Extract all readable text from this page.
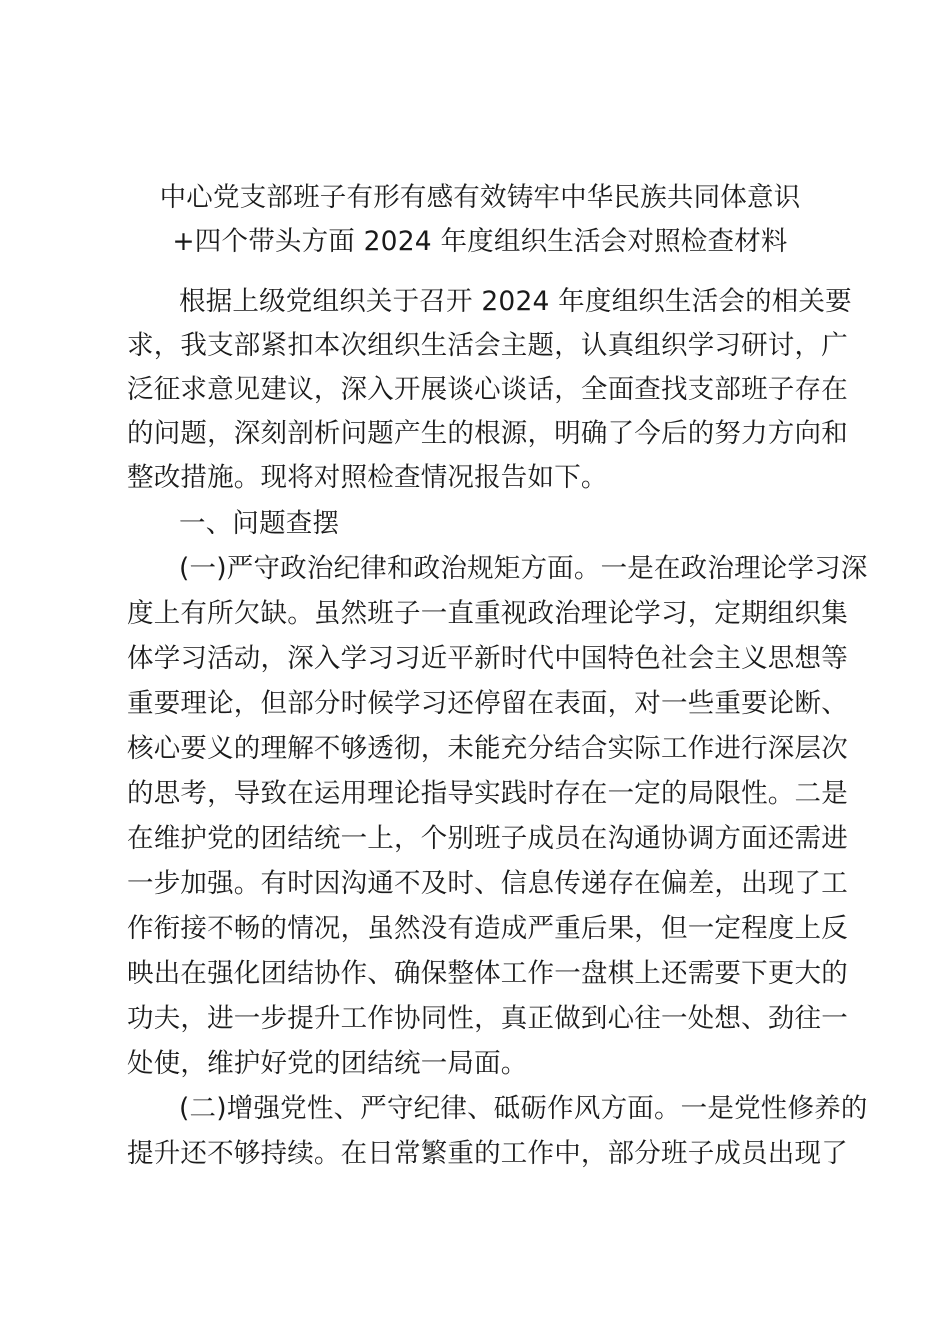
中心党支部班子有形有感有效铸牢中华民族共同体意识
+四个带头方面 2024 年度组织生活会对照检查材料
根据上级党组织关于召开 2024 年度组织生活会的相关要
求，我支部紧扣本次组织生活会主题，认真组织学习研讨，广
泛征求意见建议，深入开展谈心谈话，全面查找支部班子存在
的问题，深刻剖析问题产生的根源，明确了今后的努力方向和
整改措施。现将对照检查情况报告如下。
一、问题查摆
(一)严守政治纪律和政治规矩方面。一是在政治理论学习深
度上有所欠缺。虽然班子一直重视政治理论学习，定期组织集
体学习活动，深入学习习近平新时代中国特色社会主义思想等
重要理论，但部分时候学习还停留在表面，对一些重要论断、
核心要义的理解不够透彻，未能充分结合实际工作进行深层次
的思考，导致在运用理论指导实践时存在一定的局限性。二是
在维护党的团结统一上，个别班子成员在沟通协调方面还需进
一步加强。有时因沟通不及时、信息传递存在偏差，出现了工
作衔接不畅的情况，虽然没有造成严重后果，但一定程度上反
映出在强化团结协作、确保整体工作一盘棋上还需要下更大的
功夫，进一步提升工作协同性，真正做到心往一处想、劲往一
处使，维护好党的团结统一局面。
(二)增强党性、严守纪律、砥砺作风方面。一是党性修养的
提升还不够持续。在日常繁重的工作中，部分班子成员出现了
